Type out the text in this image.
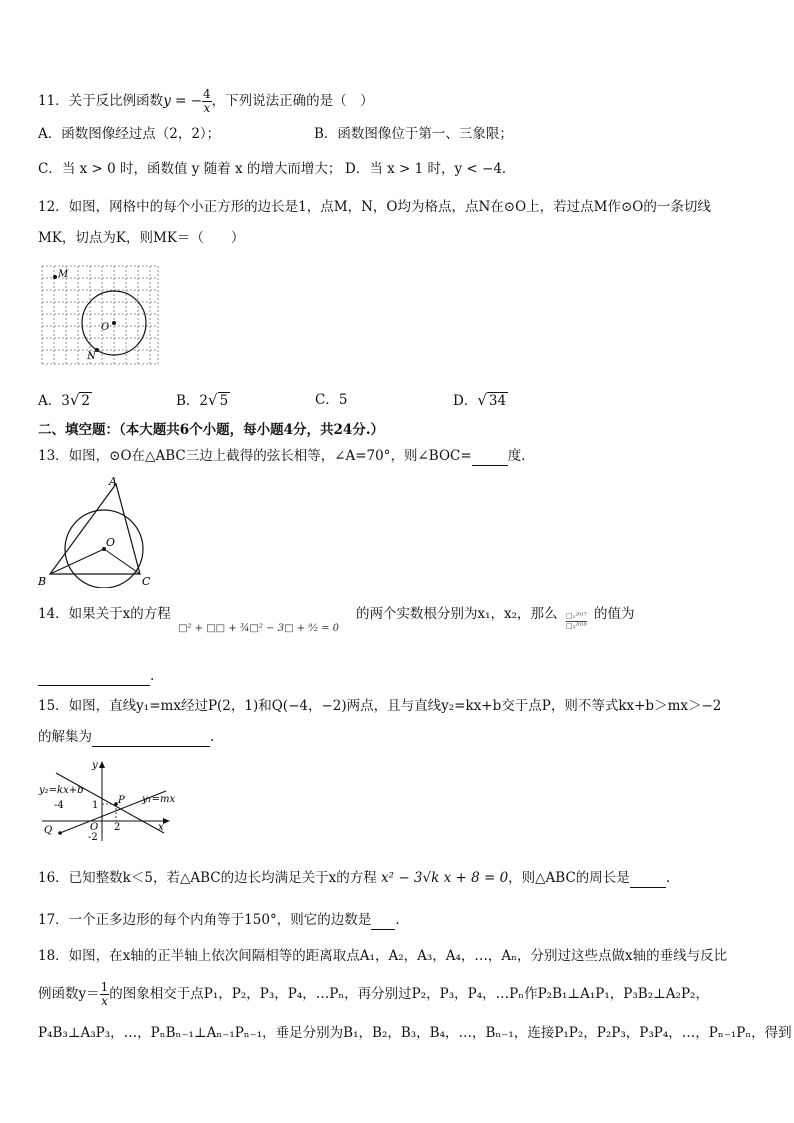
11．关于反比例函数y = − $\frac{4}{x}$ ，下列说法正确的是（　）
A．函数图像经过点（2，2）；	B．函数图像位于第一、三象限；
C．当 x > 0 时，函数值 y 随着 x 的增大而增大； D．当 x > 1 时，y < −4．
12．如图，网格中的每个小正方形的边长是1，点M，N，O均为格点，点N在⊙O上，若过点M作⊙O的一条切线
MK，切点为K，则MK＝（　　）
M
O
N
A．3√ 2	B．2√ 5	C．5	D．√ 34
二、填空题：（本大题共6个小题，每小题4分，共24分.）
13．如图，⊙O在△ABC三边上截得的弦长相等，∠A=70°，则∠BOC=	度.
A
O
B	C
14．如果关于x的方程
□² + □□ + ¾□² − 3□ + ⁹⁄₂ = 0
的两个实数根分别为x₁，x₂，那么 □₁²⁰¹⁷
□₂²⁰¹⁸
的值为
.
15．如图，直线y₁=mx经过P(2，1)和Q(−4，−2)两点，且与直线y₂=kx+b交于点P，则不等式kx+b＞mx＞−2
的解集为	.
y₂=kx+b
y₁=mx
y
x
P
Q	O
1
2
-4
-2
16．已知整数k＜5，若△ABC的边长均满足关于x的方程 x² − 3√k x + 8 = 0，则△ABC的周长是	.
17．一个正多边形的每个内角等于150°，则它的边数是 .
18．如图，在x轴的正半轴上依次间隔相等的距离取点A₁，A₂，A₃，A₄，…，Aₙ，分别过这些点做x轴的垂线与反比
例函数$y= \frac{1}{x}$ 的图象相交于点P₁，P₂，P₃，P₄，…Pₙ，再分别过P₂，P₃，P₄，…Pₙ作P₂B₁⊥A₁P₁，P₃B₂⊥A₂P₂，
P₄B₃⊥A₃P₃，…，PₙBₙ₋₁⊥Aₙ₋₁Pₙ₋₁，垂足分别为B₁，B₂，B₃，B₄，…，Bₙ₋₁，连接P₁P₂，P₂P₃，P₃P₄，…，Pₙ₋₁Pₙ，得到
